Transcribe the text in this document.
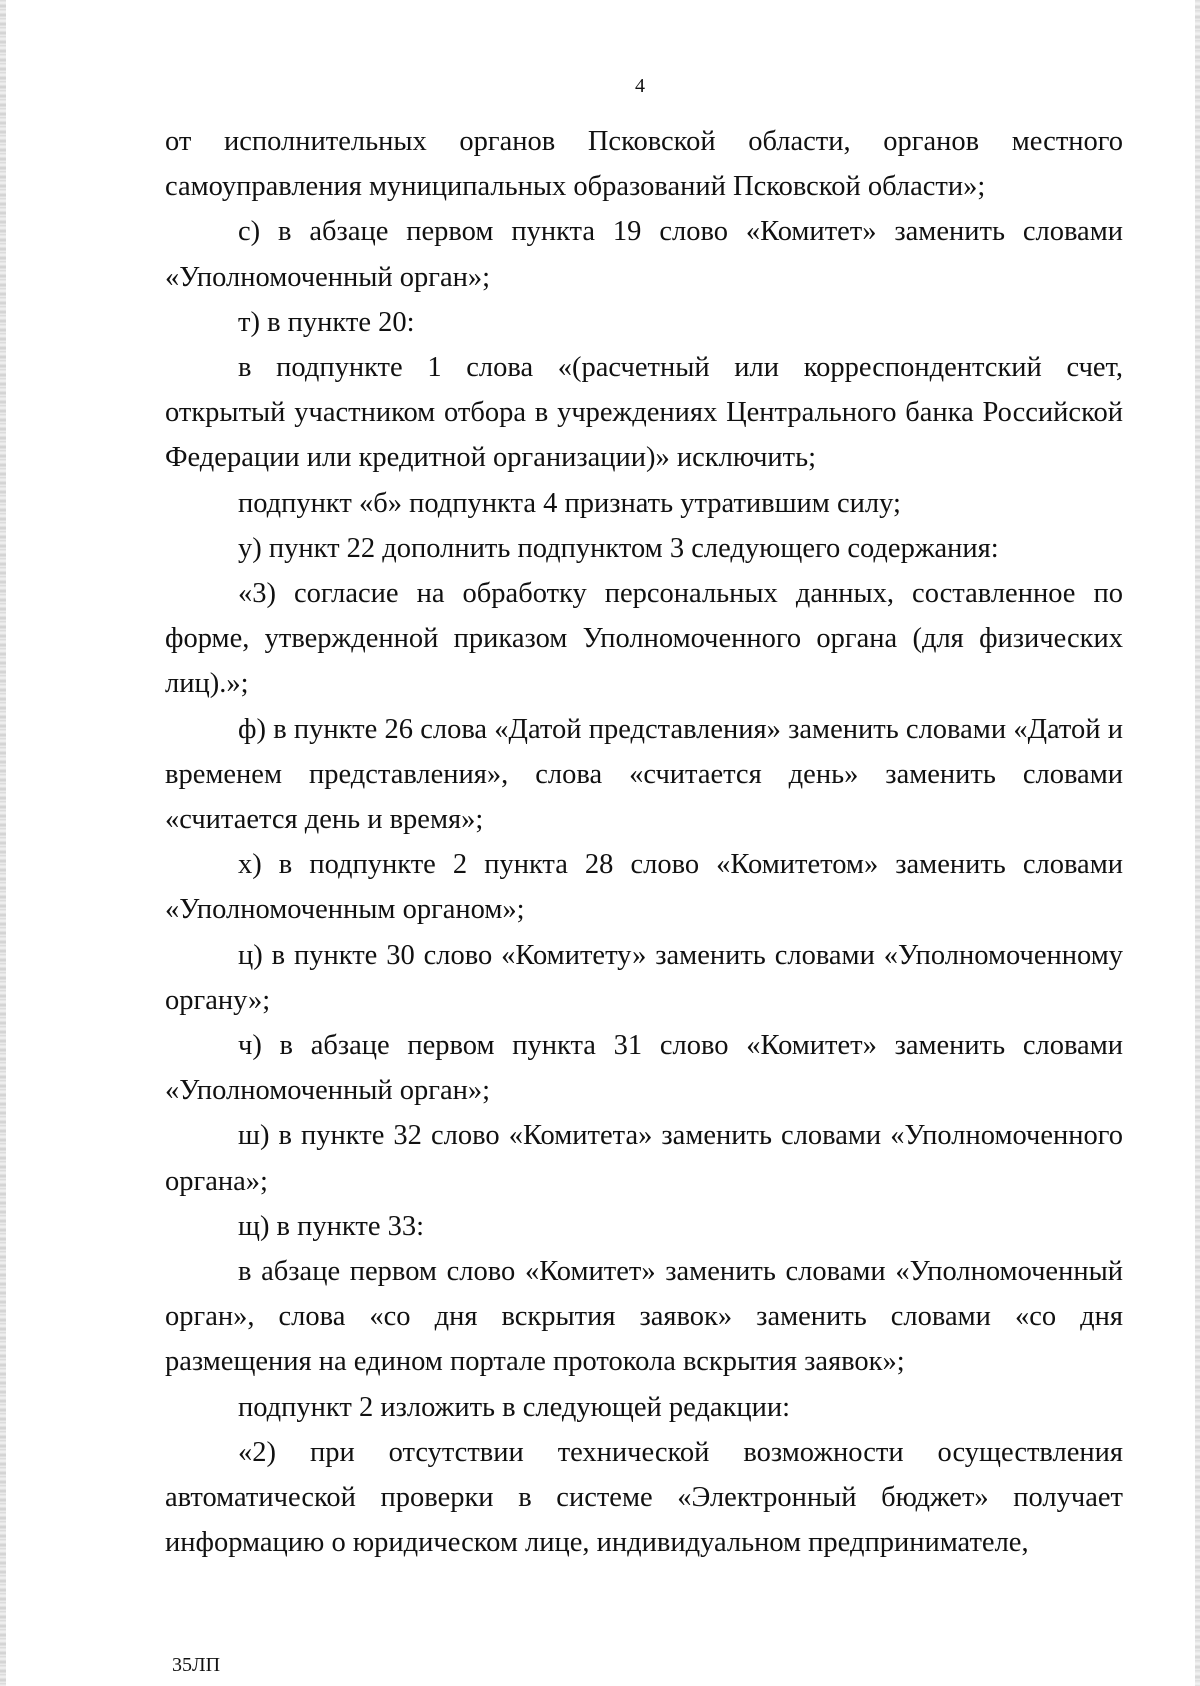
4

от исполнительных органов Псковской области, органов местного самоуправления муниципальных образований Псковской области»;

с) в абзаце первом пункта 19 слово «Комитет» заменить словами «Уполномоченный орган»;

т) в пункте 20:

в подпункте 1 слова «(расчетный или корреспондентский счет, открытый участником отбора в учреждениях Центрального банка Российской Федерации или кредитной организации)» исключить;

подпункт «б» подпункта 4 признать утратившим силу;

у) пункт 22 дополнить подпунктом 3 следующего содержания:

«3) согласие на обработку персональных данных, составленное по форме, утвержденной приказом Уполномоченного органа (для физических лиц).»;

ф) в пункте 26 слова «Датой представления» заменить словами «Датой и временем представления», слова «считается день» заменить словами «считается день и время»;

х) в подпункте 2 пункта 28 слово «Комитетом» заменить словами «Уполномоченным органом»;

ц) в пункте 30 слово «Комитету» заменить словами «Уполномоченному органу»;

ч) в абзаце первом пункта 31 слово «Комитет» заменить словами «Уполномоченный орган»;

ш) в пункте 32 слово «Комитета» заменить словами «Уполномоченного органа»;

щ) в пункте 33:

в абзаце первом слово «Комитет» заменить словами «Уполномоченный орган», слова «со дня вскрытия заявок» заменить словами «со дня размещения на едином портале протокола вскрытия заявок»;

подпункт 2 изложить в следующей редакции:

«2) при отсутствии технической возможности осуществления автоматической проверки в системе «Электронный бюджет» получает информацию о юридическом лице, индивидуальном предпринимателе,

35ЛП
